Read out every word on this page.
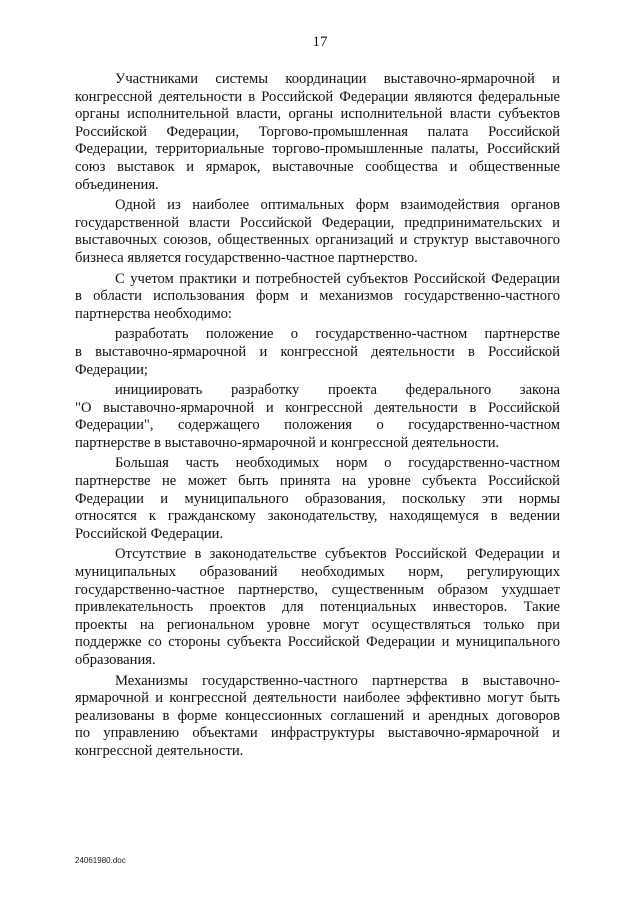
17

Участниками системы координации выставочно-ярмарочной и
конгрессной деятельности в Российской Федерации являются федеральные
органы исполнительной власти, органы исполнительной власти субъектов
Российской Федерации, Торгово-промышленная палата Российской
Федерации, территориальные торгово-промышленные палаты, Российский
союз выставок и ярмарок, выставочные сообщества и общественные
объединения.

Одной из наиболее оптимальных форм взаимодействия органов
государственной власти Российской Федерации, предпринимательских и
выставочных союзов, общественных организаций и структур выставочного
бизнеса является государственно-частное партнерство.

С учетом практики и потребностей субъектов Российской Федерации
в области использования форм и механизмов государственно-частного
партнерства необходимо:

разработать положение о государственно-частном партнерстве
в выставочно-ярмарочной и конгрессной деятельности в Российской
Федерации;

инициировать разработку проекта федерального закона
"О выставочно-ярмарочной и конгрессной деятельности в Российской
Федерации", содержащего положения о государственно-частном
партнерстве в выставочно-ярмарочной и конгрессной деятельности.

Большая часть необходимых норм о государственно-частном
партнерстве не может быть принята на уровне субъекта Российской
Федерации и муниципального образования, поскольку эти нормы
относятся к гражданскому законодательству, находящемуся в ведении
Российской Федерации.

Отсутствие в законодательстве субъектов Российской Федерации и
муниципальных образований необходимых норм, регулирующих
государственно-частное партнерство, существенным образом ухудшает
привлекательность проектов для потенциальных инвесторов. Такие
проекты на региональном уровне могут осуществляться только при
поддержке со стороны субъекта Российской Федерации и муниципального
образования.

Механизмы государственно-частного партнерства в выставочно-
ярмарочной и конгрессной деятельности наиболее эффективно могут быть
реализованы в форме концессионных соглашений и арендных договоров
по управлению объектами инфраструктуры выставочно-ярмарочной и
конгрессной деятельности.

24061980.doc
